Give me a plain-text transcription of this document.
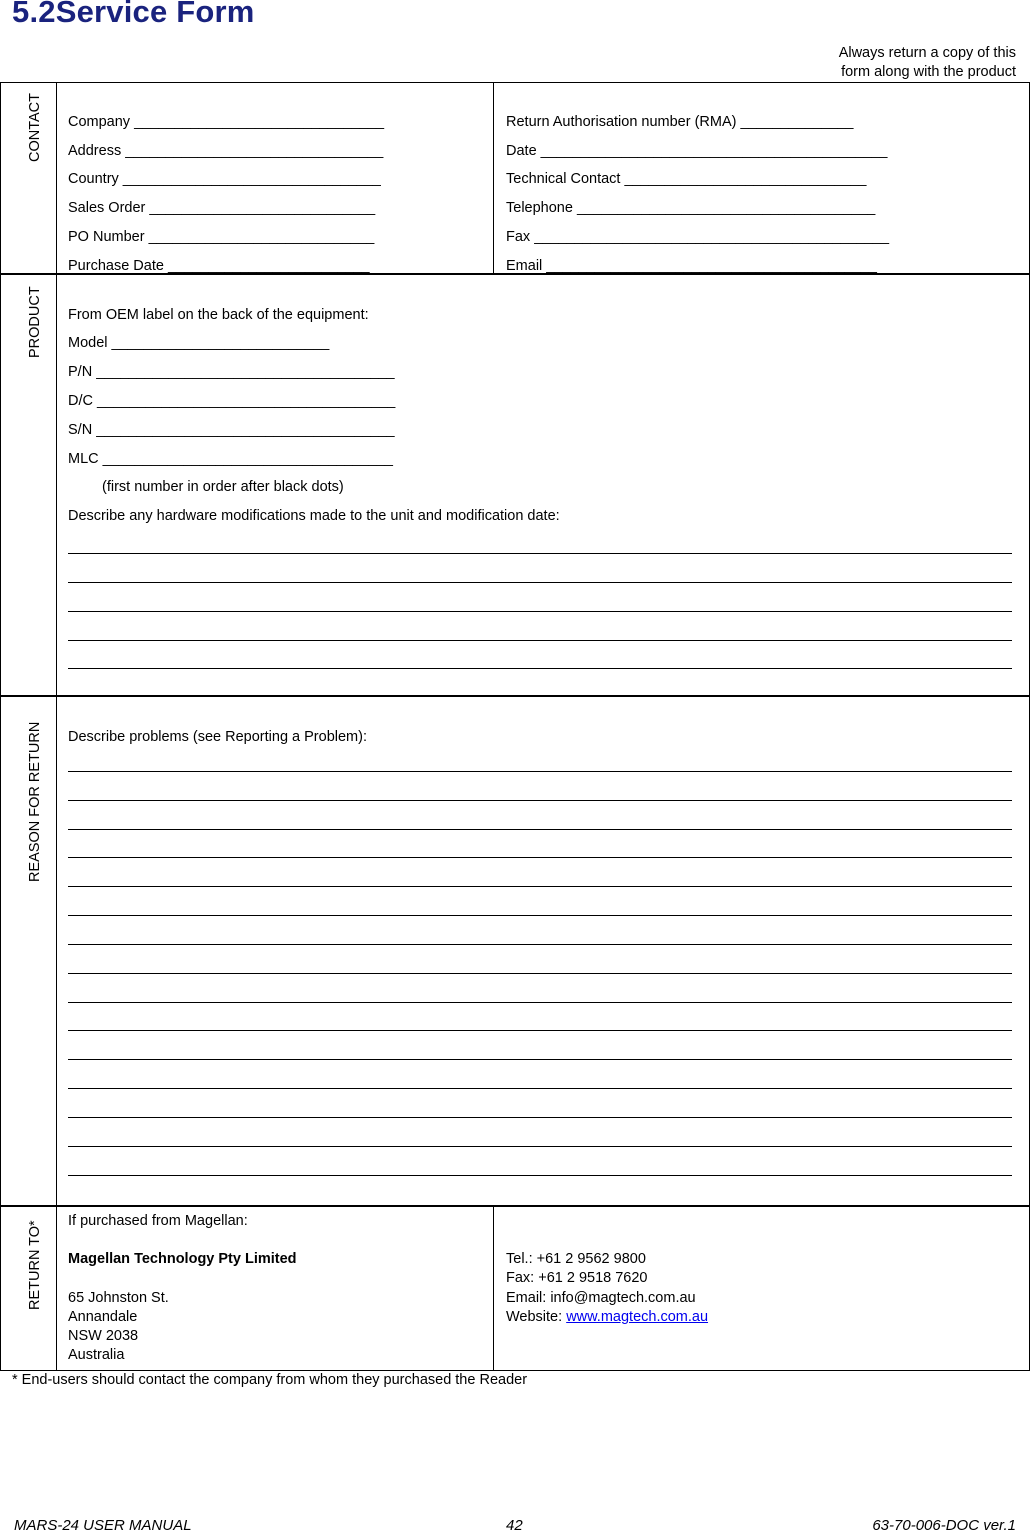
5.2Service Form
Always return a copy of this
form along with the product
CONTACT
PRODUCT
REASON FOR RETURN
RETURN TO*
Company _______________________________
Address ________________________________
Country ________________________________
Sales Order ____________________________
PO Number ____________________________
Purchase Date _________________________
Return Authorisation number (RMA) ______________
Date ___________________________________________
Technical Contact ______________________________
Telephone _____________________________________
Fax ____________________________________________
Email _________________________________________
From OEM label on the back of the equipment:
Model ___________________________
P/N _____________________________________
D/C _____________________________________
S/N _____________________________________
MLC ____________________________________
(first number in order after black dots)
Describe any hardware modifications made to the unit and modification date:
Describe problems (see Reporting a Problem):
If purchased from Magellan:
Magellan Technology Pty Limited
65 Johnston St.
Annandale
NSW 2038
Australia
Tel.: +61 2 9562 9800
Fax: +61 2 9518 7620
Email: info@magtech.com.au
Website: www.magtech.com.au
* End-users should contact the company from whom they purchased the Reader
MARS-24 USER MANUAL	42	63-70-006-DOC ver.1
